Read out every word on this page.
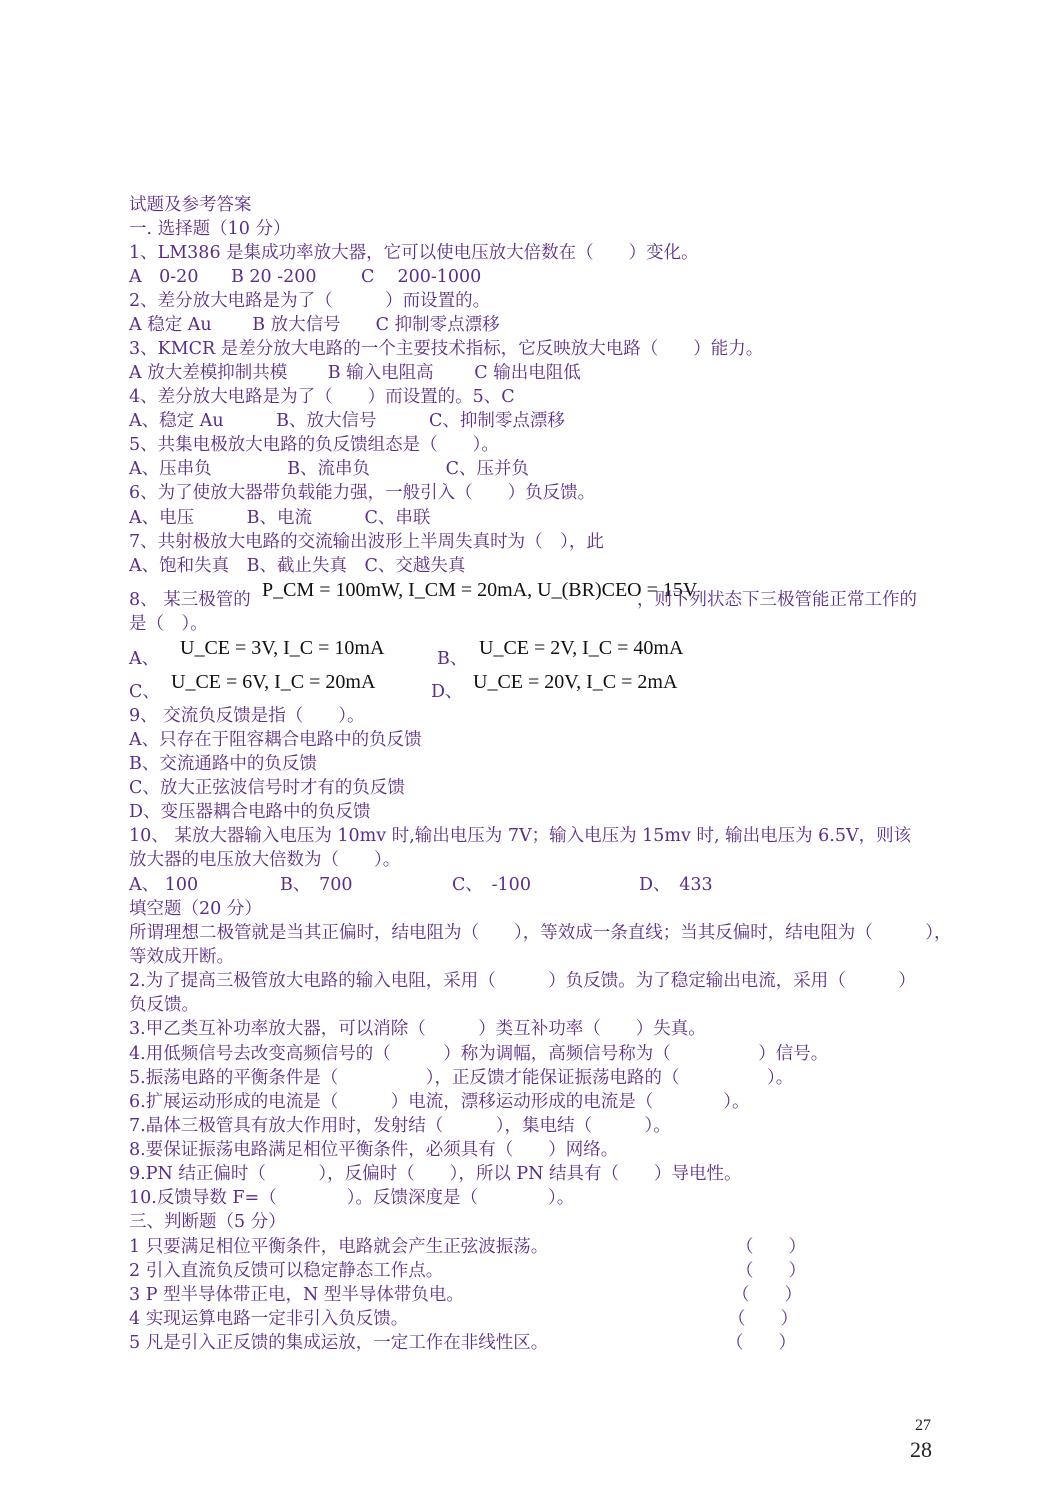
试题及参考答案
一. 选择题（10 分）
1、LM386 是集成功率放大器，它可以使电压放大倍数在（　　）变化。
A　0-20 B 20 -200	C　 200-1000
2、差分放大电路是为了（　　　）而设置的。
A 稳定 Au　　 B 放大信号　　C 抑制零点漂移
3、KMCR 是差分放大电路的一个主要技术指标，它反映放大电路（　　）能力。
A 放大差模抑制共模　　 B 输入电阻高　　 C 输出电阻低
4、差分放大电路是为了（　　）而设置的。5、C
A、稳定 Au　　　B、放大信号　　　C、抑制零点漂移
5、共集电极放大电路的负反馈组态是（　　）。
A、压串负　　　　 B、流串负　　　　 C、压并负
6、为了使放大器带负载能力强，一般引入（　　）负反馈。
A、电压　　　B、电流　　　C、串联
7、共射极放大电路的交流输出波形上半周失真时为（　），此
A、饱和失真　B、截止失真　C、交越失真
8、 某三极管的 P_CM = 100mW, I_CM = 20mA, U_(BR)CEO = 15V
，则下列状态下三极管能正常工作的
是（　）。
A、 U_CE = 3V, I_C = 10mA	B、 U_CE = 2V, I_C = 40mA
C、 U_CE = 6V, I_C = 20mA	D、 U_CE = 20V, I_C = 2mA
9、 交流负反馈是指（　　）。
A、只存在于阻容耦合电路中的负反馈
B、交流通路中的负反馈
C、放大正弦波信号时才有的负反馈
D、变压器耦合电路中的负反馈
10、 某放大器输入电压为 10mv 时,输出电压为 7V；输入电压为 15mv 时, 输出电压为 6.5V，则该
放大器的电压放大倍数为（　　）。
A、 100	B、　700	C、　-100	D、　433
填空题（20 分）
所谓理想二极管就是当其正偏时，结电阻为（　　），等效成一条直线；当其反偏时，结电阻为（　　　），
等效成开断。
2.为了提高三极管放大电路的输入电阻，采用（　　　）负反馈。为了稳定输出电流，采用（　　　）
负反馈。
3.甲乙类互补功率放大器，可以消除（　　　）类互补功率（　　）失真。
4.用低频信号去改变高频信号的（　　　）称为调幅，高频信号称为（　　　　　）信号。
5.振荡电路的平衡条件是（　　　　　），正反馈才能保证振荡电路的（　　　　　）。
6.扩展运动形成的电流是（　　　）电流，漂移运动形成的电流是（　　　　）。
7.晶体三极管具有放大作用时，发射结（　　　），集电结（　　　）。
8.要保证振荡电路满足相位平衡条件，必须具有（　　）网络。
9.PN 结正偏时（　　　），反偏时（　　），所以 PN 结具有（　　）导电性。
10.反馈导数 F=（　　　　）。反馈深度是（　　　　）。
三、判断题（5 分）
1 只要满足相位平衡条件，电路就会产生正弦波振荡。	（　　）
2 引入直流负反馈可以稳定静态工作点。	（　　）
3 P 型半导体带正电，N 型半导体带负电。	（　　）
4 实现运算电路一定非引入负反馈。	（　　）
5 凡是引入正反馈的集成运放，一定工作在非线性区。	（　　）
27
28
